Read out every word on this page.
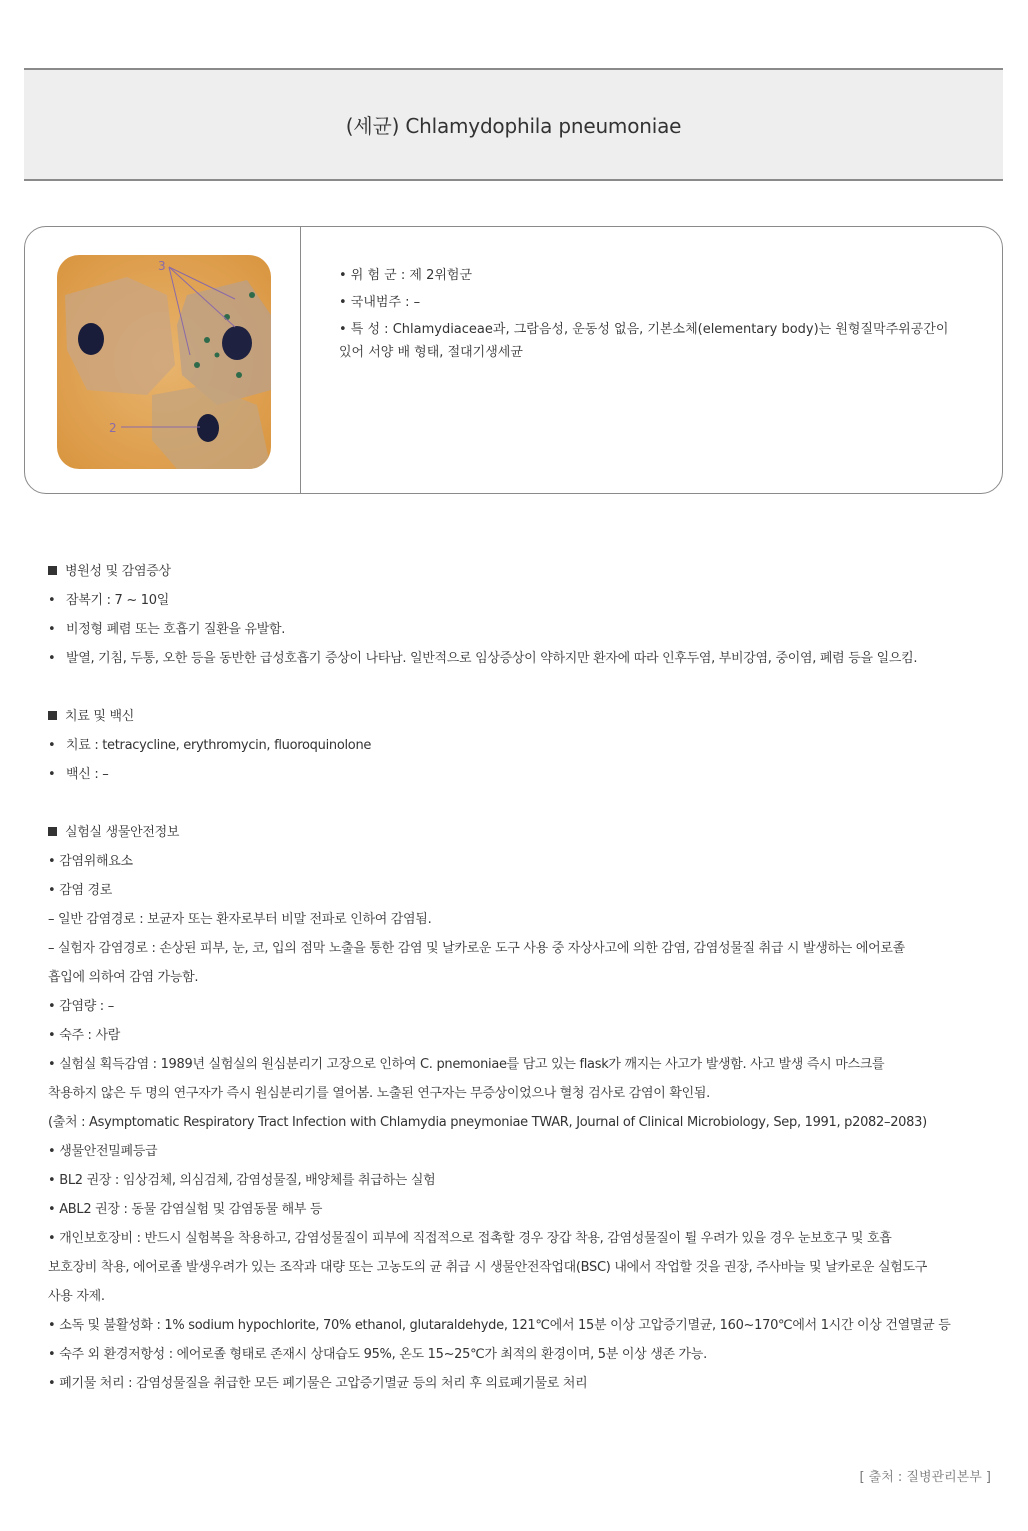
(세균) Chlamydophila pneumoniae
3
2
• 위 험 군 : 제 2위험군
• 국내범주 : –
• 특 성 : Chlamydiaceae과, 그람음성, 운동성 없음, 기본소체(elementary body)는 원형질막주위공간이
있어 서양 배 형태, 절대기생세균
병원성 및 감염증상
• 잠복기 : 7 ~ 10일
• 비정형 폐렴 또는 호흡기 질환을 유발함.
• 발열, 기침, 두통, 오한 등을 동반한 급성호흡기 증상이 나타남. 일반적으로 임상증상이 약하지만 환자에 따라 인후두염, 부비강염, 중이염, 폐렴 등을 일으킴.
치료 및 백신
• 치료 : tetracycline, erythromycin, fluoroquinolone
• 백신 : –
실험실 생물안전정보
• 감염위해요소
• 감염 경로
– 일반 감염경로 : 보균자 또는 환자로부터 비말 전파로 인하여 감염됨.
– 실험자 감염경로 : 손상된 피부, 눈, 코, 입의 점막 노출을 통한 감염 및 날카로운 도구 사용 중 자상사고에 의한 감염, 감염성물질 취급 시 발생하는 에어로졸
흡입에 의하여 감염 가능함.
• 감염량 : –
• 숙주 : 사람
• 실험실 획득감염 : 1989년 실험실의 원심분리기 고장으로 인하여 C. pnemoniae를 담고 있는 flask가 깨지는 사고가 발생함. 사고 발생 즉시 마스크를
착용하지 않은 두 명의 연구자가 즉시 원심분리기를 열어봄. 노출된 연구자는 무증상이었으나 혈청 검사로 감염이 확인됨.
(출처 : Asymptomatic Respiratory Tract Infection with Chlamydia pneymoniae TWAR, Journal of Clinical Microbiology, Sep, 1991, p2082–2083)
• 생물안전밀폐등급
• BL2 권장 : 임상검체, 의심검체, 감염성물질, 배양체를 취급하는 실험
• ABL2 권장 : 동물 감염실험 및 감염동물 해부 등
• 개인보호장비 : 반드시 실험복을 착용하고, 감염성물질이 피부에 직접적으로 접촉할 경우 장갑 착용, 감염성물질이 튈 우려가 있을 경우 눈보호구 및 호흡
보호장비 착용, 에어로졸 발생우려가 있는 조작과 대량 또는 고농도의 균 취급 시 생물안전작업대(BSC) 내에서 작업할 것을 권장, 주사바늘 및 날카로운 실험도구
사용 자제.
• 소독 및 불활성화 : 1% sodium hypochlorite, 70% ethanol, glutaraldehyde, 121℃에서 15분 이상 고압증기멸균, 160~170℃에서 1시간 이상 건열멸균 등
• 숙주 외 환경저항성 : 에어로졸 형태로 존재시 상대습도 95%, 온도 15~25℃가 최적의 환경이며, 5분 이상 생존 가능.
• 폐기물 처리 : 감염성물질을 취급한 모든 폐기물은 고압증기멸균 등의 처리 후 의료폐기물로 처리
[ 출처 : 질병관리본부 ]
